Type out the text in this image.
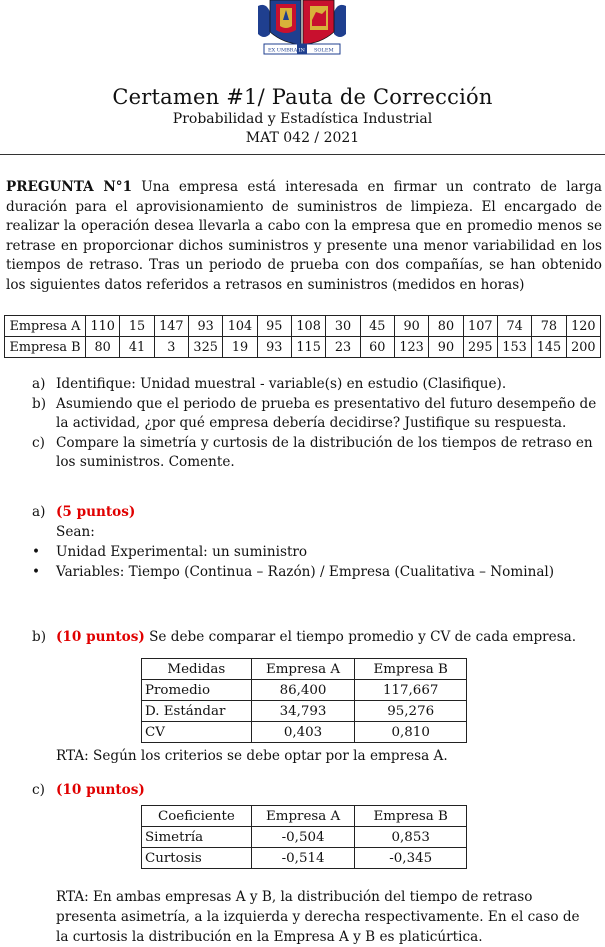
EX UMBRA IN SOLEM
Certamen #1/ Pauta de Corrección
Probabilidad y Estadística Industrial
MAT 042 / 2021
PREGUNTA N°1 Una empresa está interesada en firmar un contrato de larga duración para el aprovisionamiento de suministros de limpieza. El encargado de realizar la operación desea llevarla a cabo con la empresa que en promedio menos se retrase en proporcionar dichos suministros y presente una menor variabilidad en los tiempos de retraso. Tras un periodo de prueba con dos compañías, se han obtenido los siguientes datos referidos a retrasos en suministros (medidos en horas)
Empresa A	110	15	147	93	104	95	108	30	45	90	80	107	74	78	120
Empresa B	80	41	3	325	19	93	115	23	60	123	90	295	153	145	200
a) Identifique: Unidad muestral - variable(s) en estudio (Clasifique).
b) Asumiendo que el periodo de prueba es presentativo del futuro desempeño de la actividad, ¿por qué empresa debería decidirse? Justifique su respuesta.
c) Compare la simetría y curtosis de la distribución de los tiempos de retraso en los suministros. Comente.
a) (5 puntos)
Sean:
• Unidad Experimental: un suministro
• Variables: Tiempo (Continua – Razón) / Empresa (Cualitativa – Nominal)
b) (10 puntos) Se debe comparar el tiempo promedio y CV de cada empresa.
Medidas	Empresa A	Empresa B
Promedio	86,400	117,667
D. Estándar	34,793	95,276
CV	0,403	0,810
RTA: Según los criterios se debe optar por la empresa A.
c) (10 puntos)
Coeficiente	Empresa A	Empresa B
Simetría	-0,504	0,853
Curtosis	-0,514	-0,345
RTA: En ambas empresas A y B, la distribución del tiempo de retraso presenta asimetría, a la izquierda y derecha respectivamente. En el caso de la curtosis la distribución en la Empresa A y B es platicúrtica.
